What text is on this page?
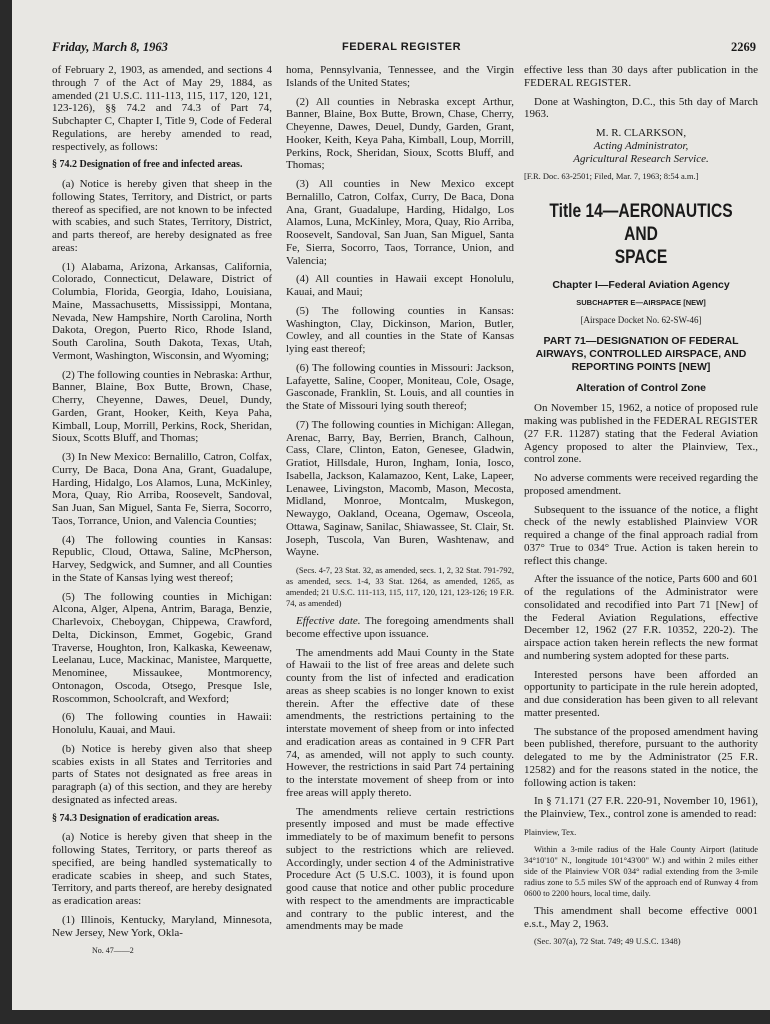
Friday, March 8, 1963	FEDERAL REGISTER	2269

of February 2, 1903, as amended, and sections 4 through 7 of the Act of May 29, 1884, as amended (21 U.S.C. 111-113, 115, 117, 120, 121, 123-126), §§ 74.2 and 74.3 of Part 74, Subchapter C, Chapter I, Title 9, Code of Federal Regulations, are hereby amended to read, respectively, as follows:

§ 74.2 Designation of free and infected areas.

(a) Notice is hereby given that sheep in the following States, Territory, and District, or parts thereof as specified, are not known to be infected with scabies, and such States, Territory, District, and parts thereof, are hereby designated as free areas:

(1) Alabama, Arizona, Arkansas, California, Colorado, Connecticut, Delaware, District of Columbia, Florida, Georgia, Idaho, Louisiana, Maine, Massachusetts, Mississippi, Montana, Nevada, New Hampshire, North Carolina, North Dakota, Oregon, Puerto Rico, Rhode Island, South Carolina, South Dakota, Texas, Utah, Vermont, Washington, Wisconsin, and Wyoming;

(2) The following counties in Nebraska: Arthur, Banner, Blaine, Box Butte, Brown, Chase, Cherry, Cheyenne, Dawes, Deuel, Dundy, Garden, Grant, Hooker, Keith, Keya Paha, Kimball, Loup, Morrill, Perkins, Rock, Sheridan, Sioux, Scotts Bluff, and Thomas;

(3) In New Mexico: Bernalillo, Catron, Colfax, Curry, De Baca, Dona Ana, Grant, Guadalupe, Harding, Hidalgo, Los Alamos, Luna, McKinley, Mora, Quay, Rio Arriba, Roosevelt, Sandoval, San Juan, San Miguel, Santa Fe, Sierra, Socorro, Taos, Torrance, Union, and Valencia Counties;

(4) The following counties in Kansas: Republic, Cloud, Ottawa, Saline, McPherson, Harvey, Sedgwick, and Sumner, and all Counties in the State of Kansas lying west thereof;

(5) The following counties in Michigan: Alcona, Alger, Alpena, Antrim, Baraga, Benzie, Charlevoix, Cheboygan, Chippewa, Crawford, Delta, Dickinson, Emmet, Gogebic, Grand Traverse, Houghton, Iron, Kalkaska, Keweenaw, Leelanau, Luce, Mackinac, Manistee, Marquette, Menominee, Missaukee, Montmorency, Ontonagon, Oscoda, Otsego, Presque Isle, Roscommon, Schoolcraft, and Wexford;

(6) The following counties in Hawaii: Honolulu, Kauai, and Maui.

(b) Notice is hereby given also that sheep scabies exists in all States and Territories and parts of States not designated as free areas in paragraph (a) of this section, and they are hereby designated as infected areas.

§ 74.3 Designation of eradication areas.

(a) Notice is hereby given that sheep in the following States, Territory, or parts thereof as specified, are being handled systematically to eradicate scabies in sheep, and such States, Territory, and parts thereof, are hereby designated as eradication areas:

(1) Illinois, Kentucky, Maryland, Minnesota, New Jersey, New York, Okla-

No. 47——2

homa, Pennsylvania, Tennessee, and the Virgin Islands of the United States;

(2) All counties in Nebraska except Arthur, Banner, Blaine, Box Butte, Brown, Chase, Cherry, Cheyenne, Dawes, Deuel, Dundy, Garden, Grant, Hooker, Keith, Keya Paha, Kimball, Loup, Morrill, Perkins, Rock, Sheridan, Sioux, Scotts Bluff, and Thomas;

(3) All counties in New Mexico except Bernalillo, Catron, Colfax, Curry, De Baca, Dona Ana, Grant, Guadalupe, Harding, Hidalgo, Los Alamos, Luna, McKinley, Mora, Quay, Rio Arriba, Roosevelt, Sandoval, San Juan, San Miguel, Santa Fe, Sierra, Socorro, Taos, Torrance, Union, and Valencia;

(4) All counties in Hawaii except Honolulu, Kauai, and Maui;

(5) The following counties in Kansas: Washington, Clay, Dickinson, Marion, Butler, Cowley, and all counties in the State of Kansas lying east thereof;

(6) The following counties in Missouri: Jackson, Lafayette, Saline, Cooper, Moniteau, Cole, Osage, Gasconade, Franklin, St. Louis, and all counties in the State of Missouri lying south thereof;

(7) The following counties in Michigan: Allegan, Arenac, Barry, Bay, Berrien, Branch, Calhoun, Cass, Clare, Clinton, Eaton, Genesee, Gladwin, Gratiot, Hillsdale, Huron, Ingham, Ionia, Iosco, Isabella, Jackson, Kalamazoo, Kent, Lake, Lapeer, Lenawee, Livingston, Macomb, Mason, Mecosta, Midland, Monroe, Montcalm, Muskegon, Newaygo, Oakland, Oceana, Ogemaw, Osceola, Ottawa, Saginaw, Sanilac, Shiawassee, St. Clair, St. Joseph, Tuscola, Van Buren, Washtenaw, and Wayne.

(Secs. 4-7, 23 Stat. 32, as amended, secs. 1, 2, 32 Stat. 791-792, as amended, secs. 1-4, 33 Stat. 1264, as amended, 1265, as amended; 21 U.S.C. 111-113, 115, 117, 120, 121, 123-126; 19 F.R. 74, as amended)

Effective date. The foregoing amendments shall become effective upon issuance.

The amendments add Maui County in the State of Hawaii to the list of free areas and delete such county from the list of infected and eradication areas as sheep scabies is no longer known to exist therein. After the effective date of these amendments, the restrictions pertaining to the interstate movement of sheep from or into infected and eradication areas as contained in 9 CFR Part 74, as amended, will not apply to such county. However, the restrictions in said Part 74 pertaining to the interstate movement of sheep from or into free areas will apply thereto.

The amendments relieve certain restrictions presently imposed and must be made effective immediately to be of maximum benefit to persons subject to the restrictions which are relieved. Accordingly, under section 4 of the Administrative Procedure Act (5 U.S.C. 1003), it is found upon good cause that notice and other public procedure with respect to the amendments are impracticable and contrary to the public interest, and the amendments may be made

effective less than 30 days after publication in the FEDERAL REGISTER.

Done at Washington, D.C., this 5th day of March 1963.

M. R. CLARKSON,

Acting Administrator,
Agricultural Research Service.

[F.R. Doc. 63-2501; Filed, Mar. 7, 1963; 8:54 a.m.]

Title 14—AERONAUTICS AND
SPACE
Chapter I—Federal Aviation Agency
SUBCHAPTER E—AIRSPACE [NEW]
[Airspace Docket No. 62-SW-46]
PART 71—DESIGNATION OF FEDERAL AIRWAYS, CONTROLLED AIRSPACE, AND REPORTING POINTS [NEW]
Alteration of Control Zone

On November 15, 1962, a notice of proposed rule making was published in the FEDERAL REGISTER (27 F.R. 11287) stating that the Federal Aviation Agency proposed to alter the Plainview, Tex., control zone.

No adverse comments were received regarding the proposed amendment.

Subsequent to the issuance of the notice, a flight check of the newly established Plainview VOR required a change of the final approach radial from 037° True to 034° True. Action is taken herein to reflect this change.

After the issuance of the notice, Parts 600 and 601 of the regulations of the Administrator were consolidated and recodified into Part 71 [New] of the Federal Aviation Regulations, effective December 12, 1962 (27 F.R. 10352, 220-2). The airspace action taken herein reflects the new format and numbering system adopted for these parts.

Interested persons have been afforded an opportunity to participate in the rule herein adopted, and due consideration has been given to all relevant matter presented.

The substance of the proposed amendment having been published, therefore, pursuant to the authority delegated to me by the Administrator (25 F.R. 12582) and for the reasons stated in the notice, the following action is taken:

In § 71.171 (27 F.R. 220-91, November 10, 1961), the Plainview, Tex., control zone is amended to read:

Plainview, Tex.

Within a 3-mile radius of the Hale County Airport (latitude 34°10'10" N., longitude 101°43'00" W.) and within 2 miles either side of the Plainview VOR 034° radial extending from the 3-mile radius zone to 5.5 miles SW of the approach end of Runway 4 from 0600 to 2200 hours, local time, daily.

This amendment shall become effective 0001 e.s.t., May 2, 1963.

(Sec. 307(a), 72 Stat. 749; 49 U.S.C. 1348)
